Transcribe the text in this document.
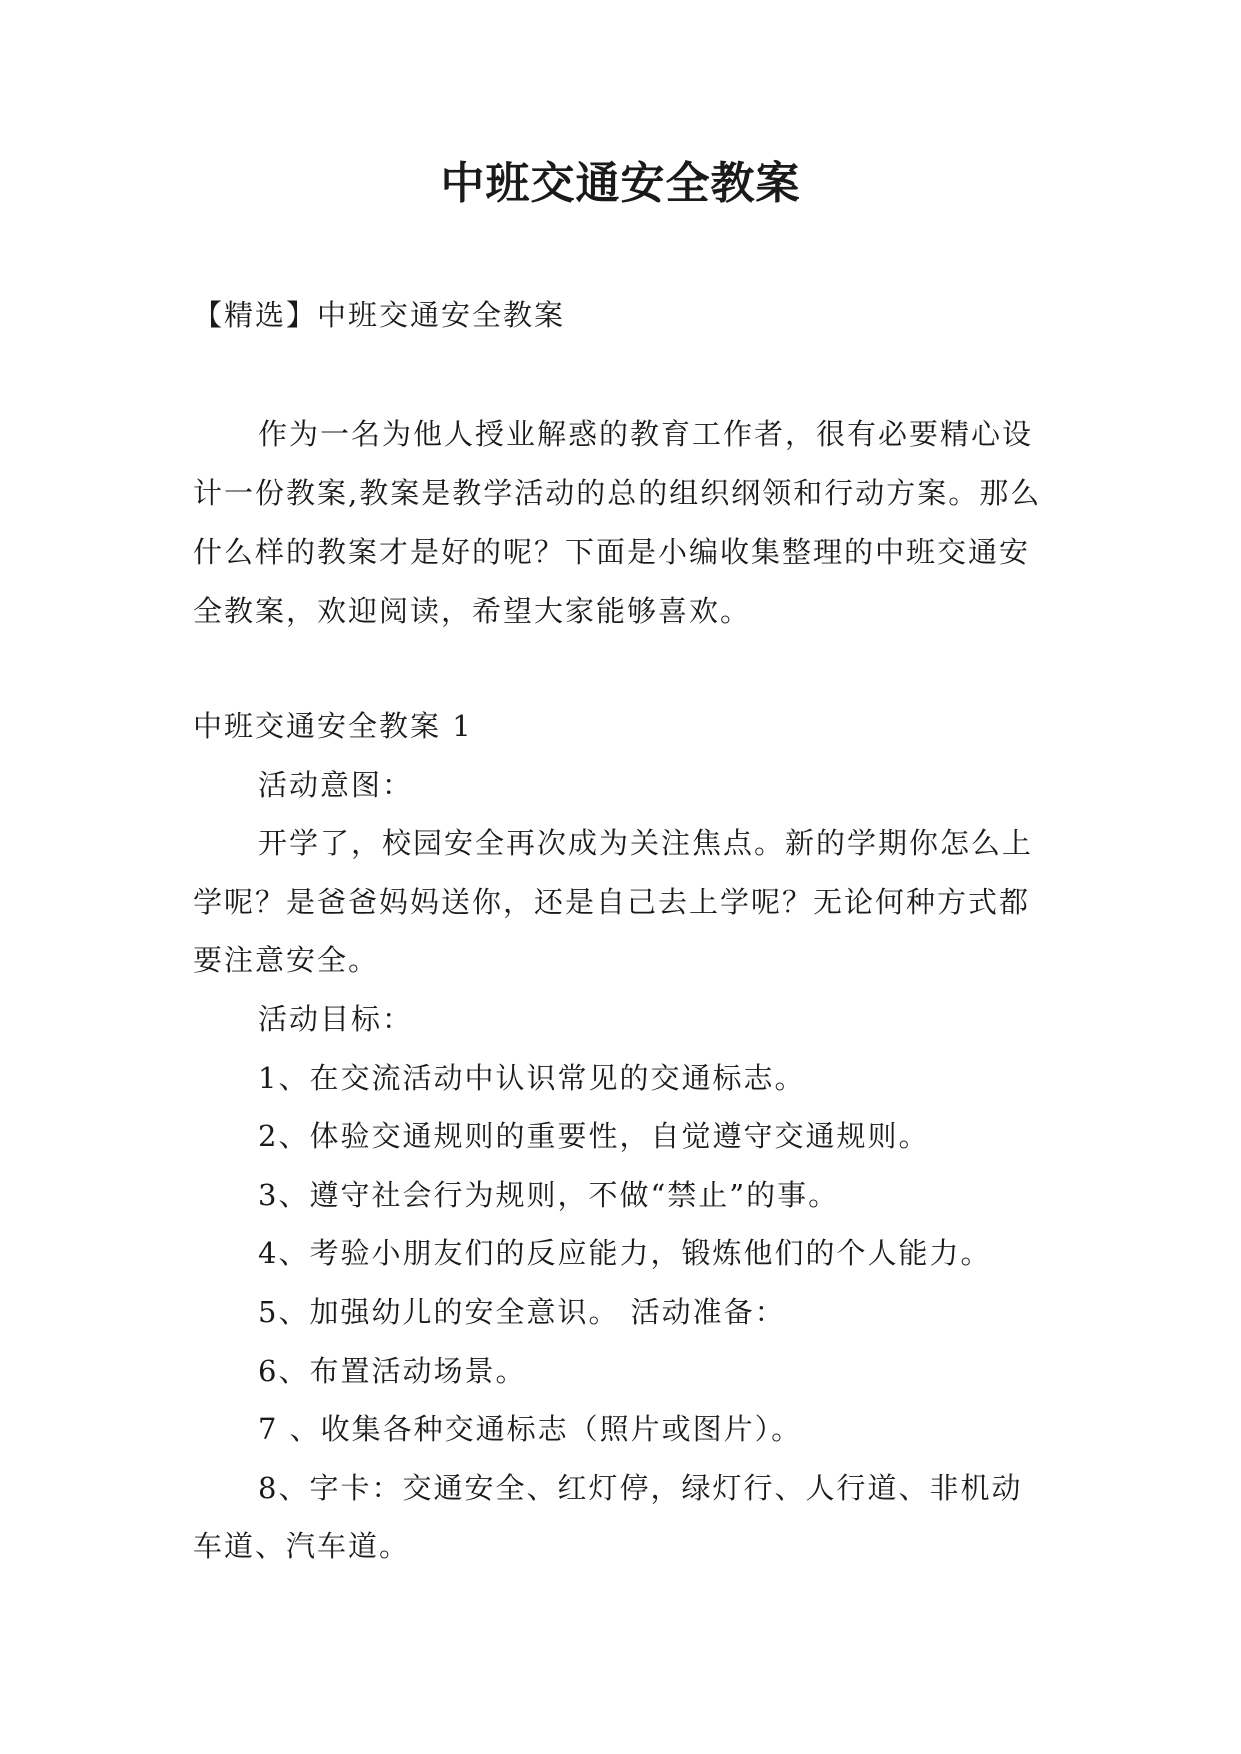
中班交通安全教案
【精选】中班交通安全教案

作为一名为他人授业解惑的教育工作者，很有必要精心设计一份教案,教案是教学活动的总的组织纲领和行动方案。那么什么样的教案才是好的呢？下面是小编收集整理的中班交通安全教案，欢迎阅读，希望大家能够喜欢。

中班交通安全教案 1

活动意图：

开学了，校园安全再次成为关注焦点。新的学期你怎么上学呢？是爸爸妈妈送你，还是自己去上学呢？无论何种方式都要注意安全。

活动目标：

1、在交流活动中认识常见的交通标志。

2、体验交通规则的重要性，自觉遵守交通规则。

3、遵守社会行为规则，不做“禁止”的事。

4、考验小朋友们的反应能力，锻炼他们的个人能力。

5、加强幼儿的安全意识。 活动准备：

6、布置活动场景。

7 、收集各种交通标志（照片或图片）。

8、字卡：交通安全、红灯停，绿灯行、人行道、非机动车道、汽车道。
